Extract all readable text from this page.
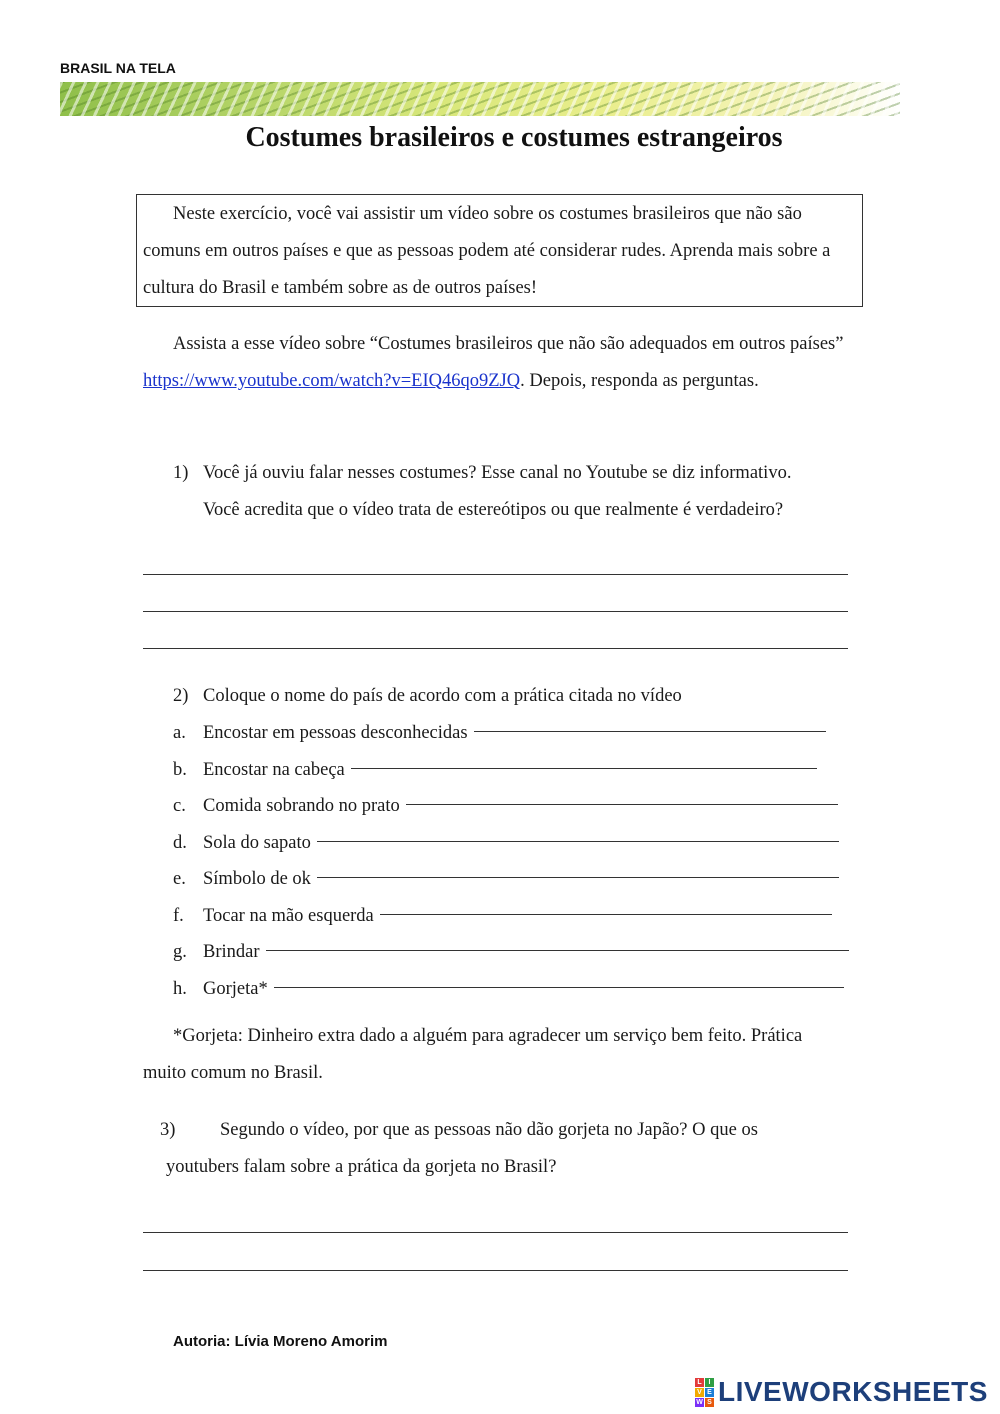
BRASIL NA TELA
Costumes brasileiros e costumes estrangeiros
Neste exercício, você vai assistir um vídeo sobre os costumes brasileiros que não são comuns em outros países e que as pessoas podem até considerar rudes. Aprenda mais sobre a cultura do Brasil e também sobre as de outros países!
Assista a esse vídeo sobre “Costumes brasileiros que não são adequados em outros países” https://www.youtube.com/watch?v=EIQ46qo9ZJQ. Depois, responda as perguntas.
1) Você já ouviu falar nesses costumes? Esse canal no Youtube se diz informativo.
Você acredita que o vídeo trata de estereótipos ou que realmente é verdadeiro?
2) Coloque o nome do país de acordo com a prática citada no vídeo
a. Encostar em pessoas desconhecidas
b. Encostar na cabeça
c. Comida sobrando no prato
d. Sola do sapato
e. Símbolo de ok
f.	Tocar na mão esquerda
g. Brindar
h. Gorjeta*
*Gorjeta: Dinheiro extra dado a alguém para agradecer um serviço bem feito. Prática muito comum no Brasil.
3) Segundo o vídeo, por que as pessoas não dão gorjeta no Japão? O que os
youtubers falam sobre a prática da gorjeta no Brasil?
Autoria: Lívia Moreno Amorim
L I
V E
W S LIVEWORKSHEETS
